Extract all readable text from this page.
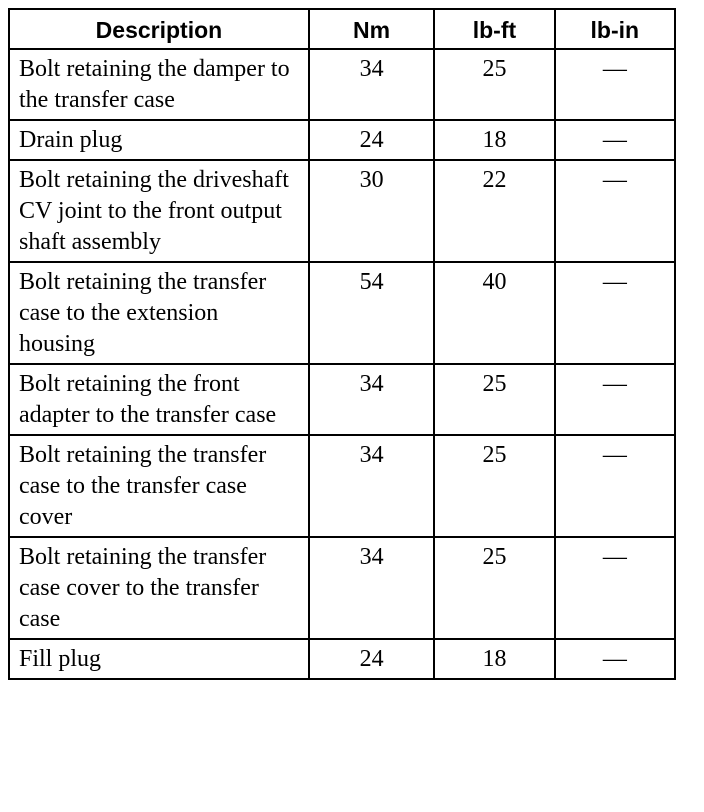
Description	Nm	lb-ft	lb-in
Bolt retaining the damper to the transfer case	34	25	—
Drain plug	24	18	—
Bolt retaining the driveshaft CV joint to the front output shaft assembly	30	22	—
Bolt retaining the transfer case to the extension housing	54	40	—
Bolt retaining the front adapter to the transfer case	34	25	—
Bolt retaining the transfer case to the transfer case cover	34	25	—
Bolt retaining the transfer case cover to the transfer case	34	25	—
Fill plug	24	18	—
